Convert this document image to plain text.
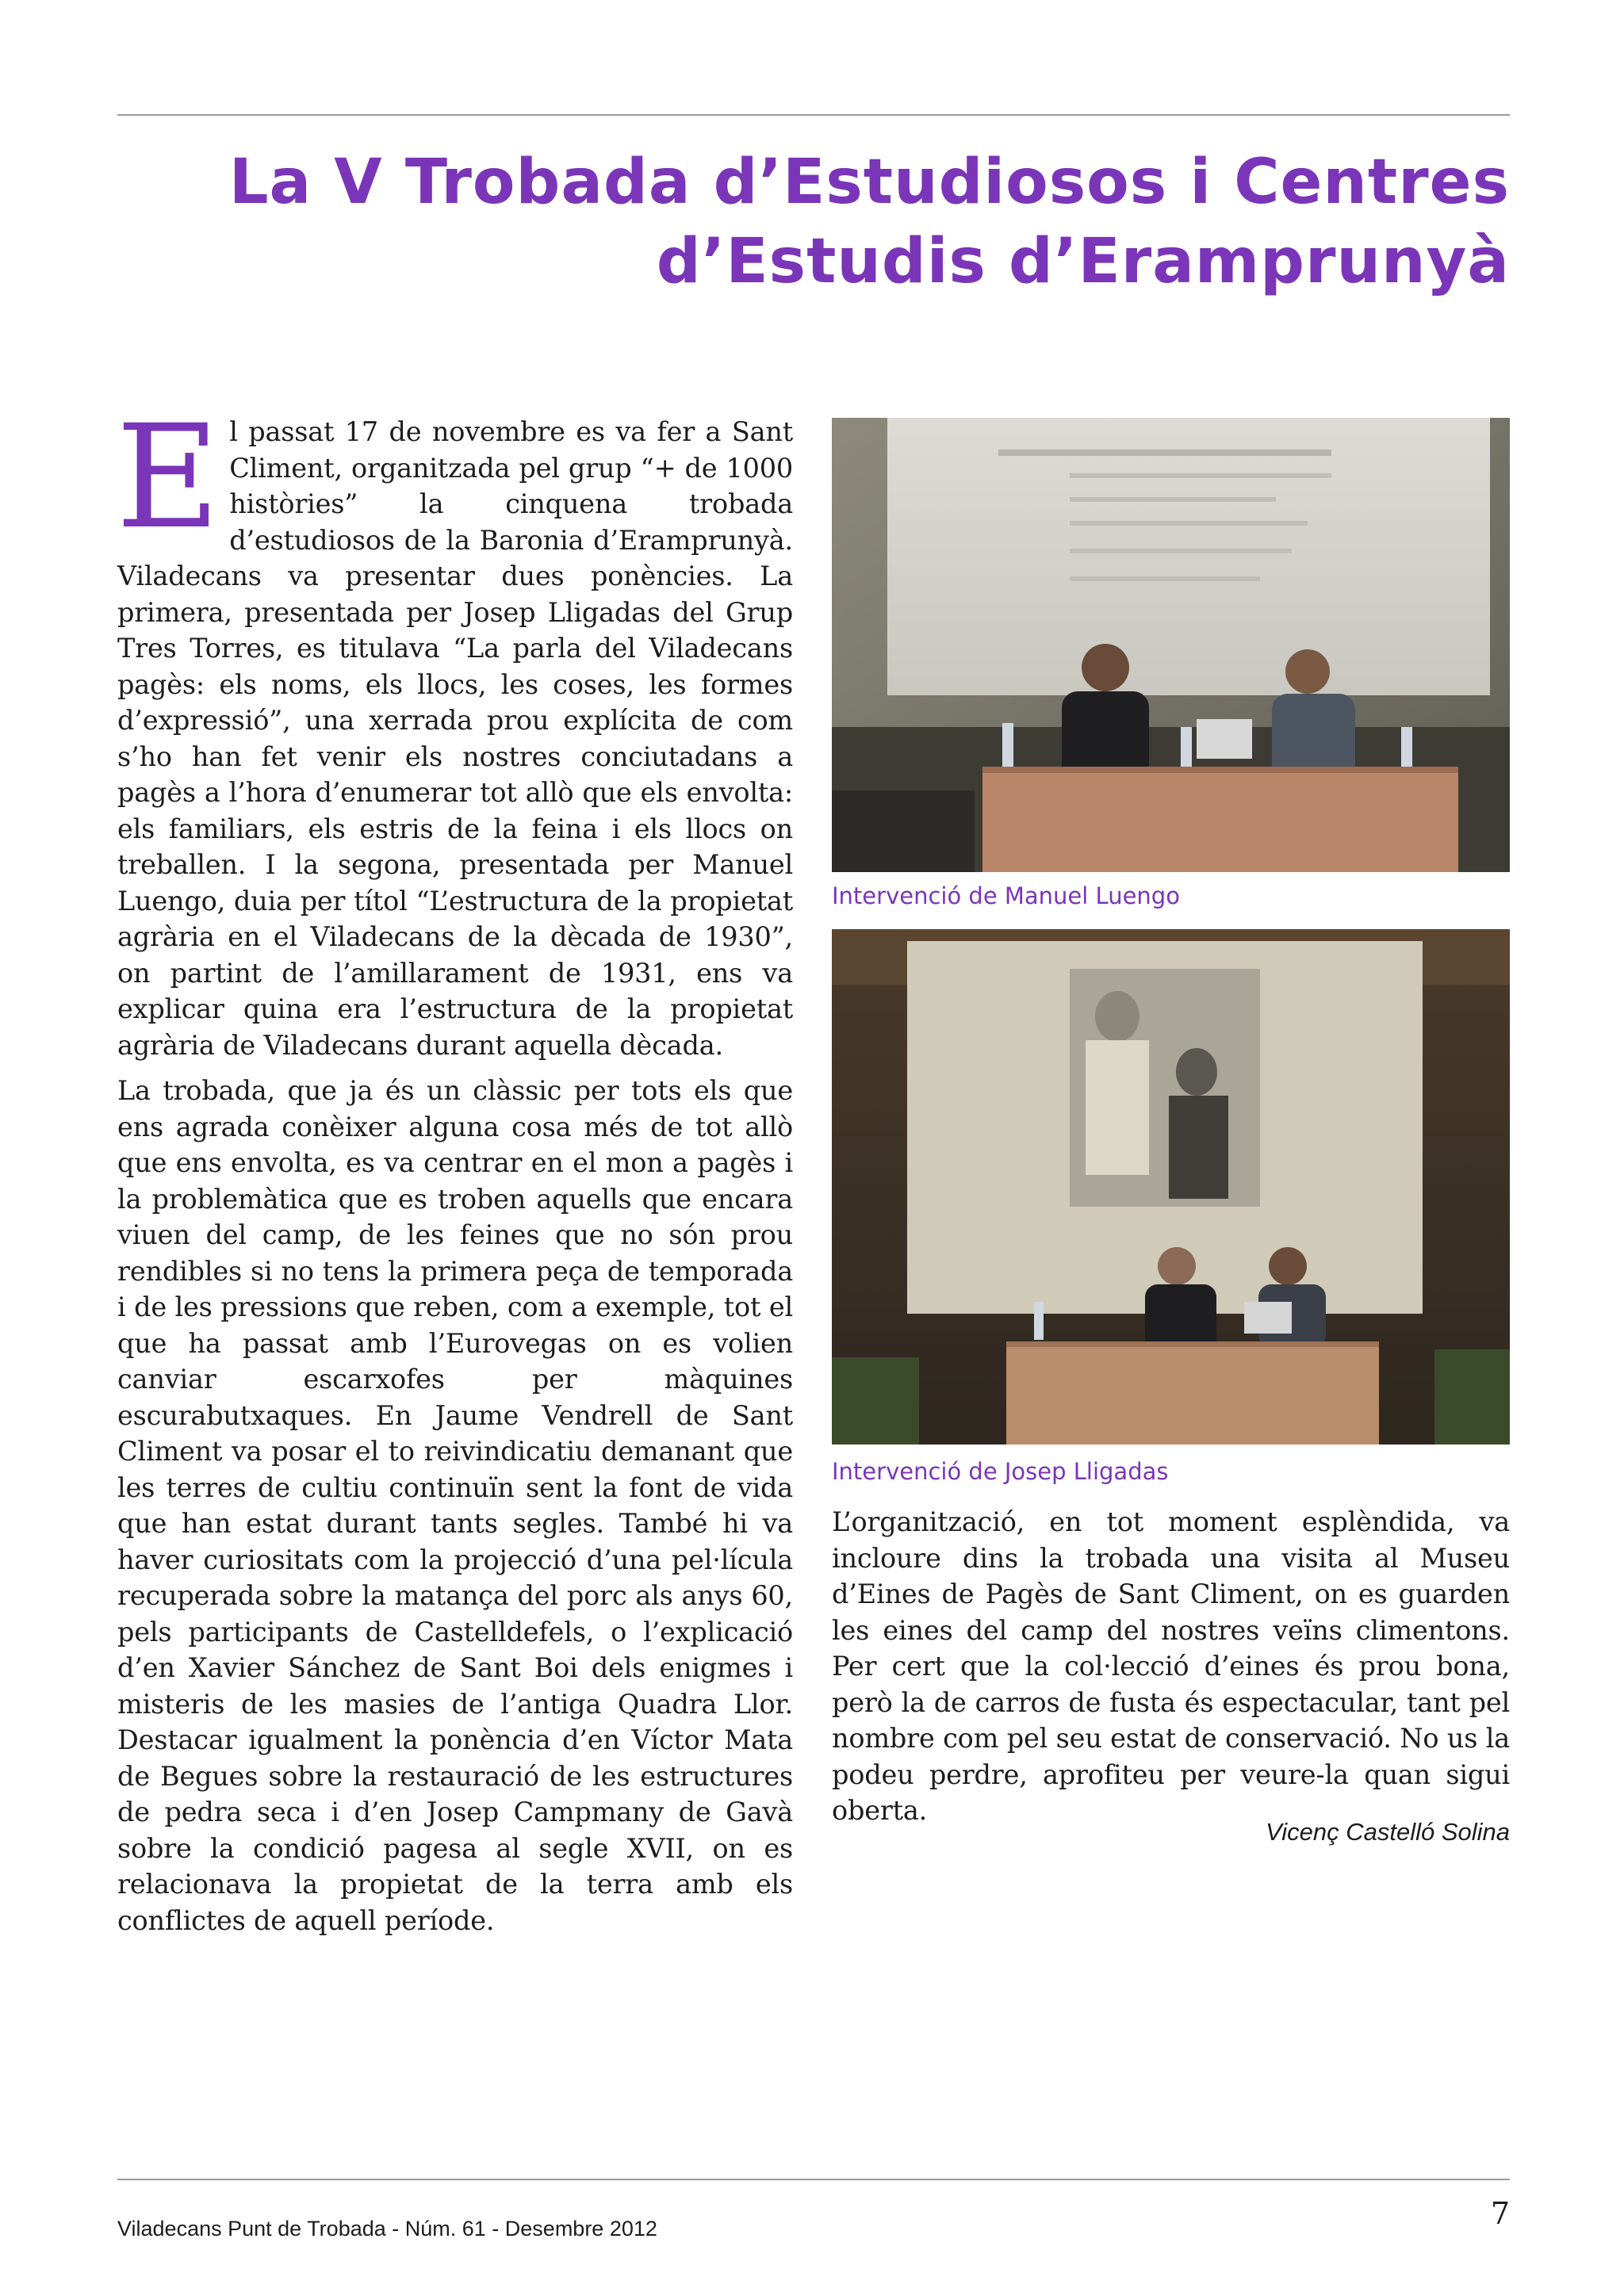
La V Trobada d’Estudiosos i Centres
d’Estudis d’Eramprunyà

El passat 17 de novembre es va fer a Sant Climent, organitzada pel grup “+ de 1000 històries” la cinquena trobada d’estudiosos de la Baronia d’Eramprunyà. Viladecans va presentar dues ponències. La primera, presentada per Josep Lligadas del Grup Tres Torres, es titulava “La parla del Viladecans pagès: els noms, els llocs, les coses, les formes d’expressió”, una xerrada prou explícita de com s’ho han fet venir els nostres conciutadans a pagès a l’hora d’enumerar tot allò que els envolta: els familiars, els estris de la feina i els llocs on treballen. I la segona, presentada per Manuel Luengo, duia per títol “L’estructura de la propietat agrària en el Viladecans de la dècada de 1930”, on partint de l’amillarament de 1931, ens va explicar quina era l’estructura de la propietat agrària de Viladecans durant aquella dècada.

La trobada, que ja és un clàssic per tots els que ens agrada conèixer alguna cosa més de tot allò que ens envolta, es va centrar en el mon a pagès i la problemàtica que es troben aquells que encara viuen del camp, de les feines que no són prou rendibles si no tens la primera peça de temporada i de les pressions que reben, com a exemple, tot el que ha passat amb l’Eurovegas on es volien canviar escarxofes per màquines escurabutxaques. En Jaume Vendrell de Sant Climent va posar el to reivindicatiu demanant que les terres de cultiu continuïn sent la font de vida que han estat durant tants segles. També hi va haver curiositats com la projecció d’una pel·lícula recuperada sobre la matança del porc als anys 60, pels participants de Castelldefels, o l’explicació d’en Xavier Sánchez de Sant Boi dels enigmes i misteris de les masies de l’antiga Quadra Llor. Destacar igualment la ponència d’en Víctor Mata de Begues sobre la restauració de les estructures de pedra seca i d’en Josep Campmany de Gavà sobre la condició pagesa al segle XVII, on es relacionava la propietat de la terra amb els conflictes de aquell període.

Intervenció de Manuel Luengo

Intervenció de Josep Lligadas

L’organització, en tot moment esplèndida, va incloure dins la trobada una visita al Museu d’Eines de Pagès de Sant Climent, on es guarden les eines del camp del nostres veïns climentons. Per cert que la col·lecció d’eines és prou bona, però la de carros de fusta és espectacular, tant pel nombre com pel seu estat de conservació. No us la podeu perdre, aprofiteu per veure-la quan sigui oberta.

Vicenç Castelló Solina

Viladecans Punt de Trobada - Núm. 61 - Desembre 2012	7
